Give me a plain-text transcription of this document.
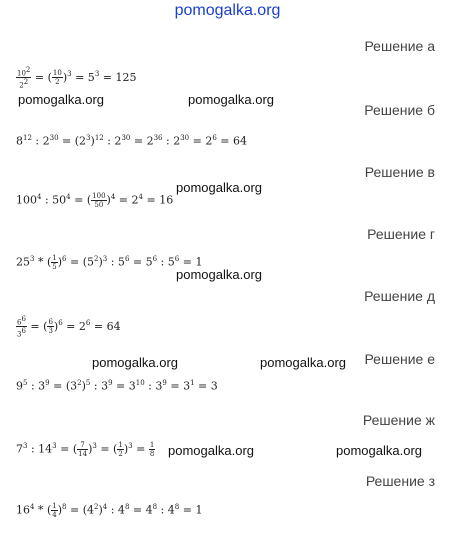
pomogalka.org
Решение а
$\frac{10^2}{2^2}$ = ( $\frac{10}{2} )^3 = 5^3 = 125$
pomogalka.org	pomogalka.org
Решение б
$8^{12}$ : $2^{30} = (2^3)^{12}$ : $2^{30} = 2^{36}$ : $2^{30} = 2^6 = 64$
Решение в
$100^4$ : $50^4$ = ( $\frac{100}{50} )^4 = 2^4 = 16$
pomogalka.org
Решение г
$25^3$ * ( $\frac{1}{5} )^6 = (5^2)^3$ : $5^6 = 5^6$ : $5^6 = 1$
pomogalka.org
Решение д
$\frac{6^6}{3^6}$ = ( $\frac{6}{3} )^6 = 2^6 = 64$
pomogalka.org	pomogalka.org Решение е
$9^5$ : $3^9 = (3^2)^5$ : $3^9 = 3^{10}$ : $3^9 = 3^1 = 3$
Решение ж
$7^3$ : $14^3$ = ( $\frac{7}{14} )^3$ = ( $\frac{1}{2} )^3 = \frac{1}{8}$ pomogalka.org	pomogalka.org
Решение з
$16^4$ * ( $\frac{1}{4} )^8 = (4^2)^4$ : $4^8 = 4^8$ : $4^8 = 1$
